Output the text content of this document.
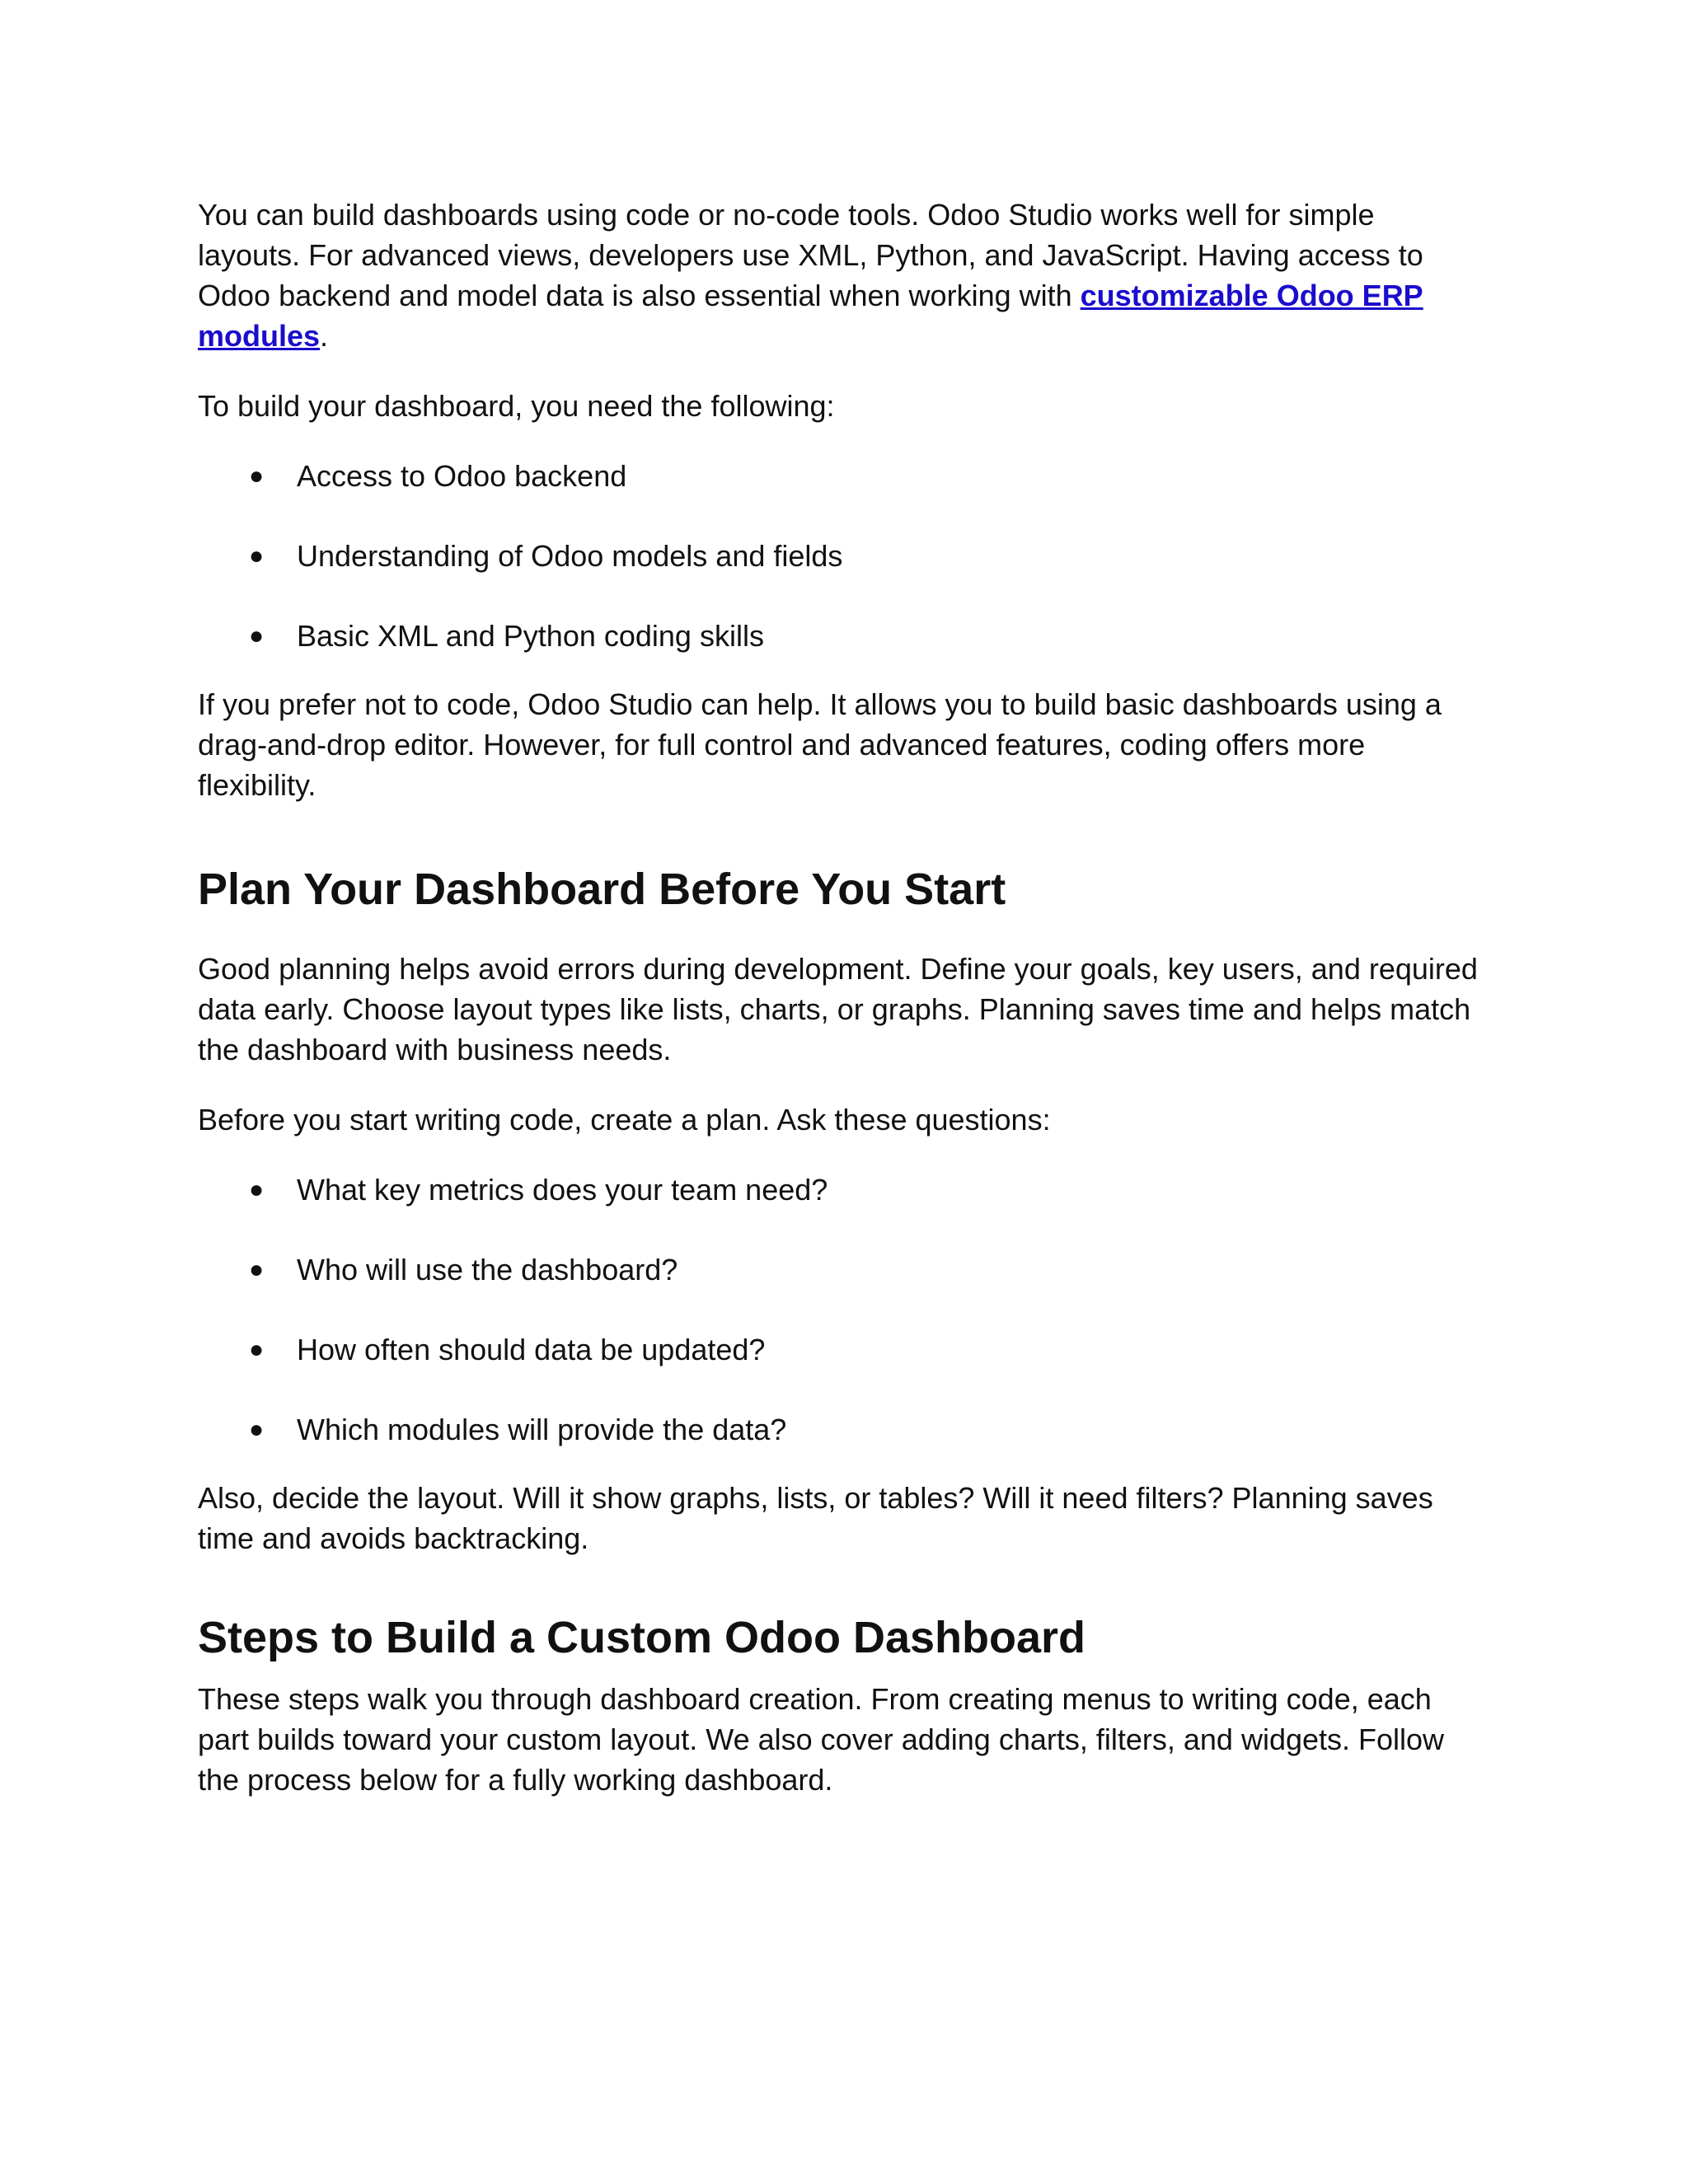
You can build dashboards using code or no-code tools. Odoo Studio works well for simple layouts. For advanced views, developers use XML, Python, and JavaScript. Having access to Odoo backend and model data is also essential when working with customizable Odoo ERP modules.

To build your dashboard, you need the following:

● Access to Odoo backend
● Understanding of Odoo models and fields
● Basic XML and Python coding skills

If you prefer not to code, Odoo Studio can help. It allows you to build basic dashboards using a drag-and-drop editor. However, for full control and advanced features, coding offers more flexibility.

Plan Your Dashboard Before You Start

Good planning helps avoid errors during development. Define your goals, key users, and required data early. Choose layout types like lists, charts, or graphs. Planning saves time and helps match the dashboard with business needs.

Before you start writing code, create a plan. Ask these questions:

● What key metrics does your team need?
● Who will use the dashboard?
● How often should data be updated?
● Which modules will provide the data?

Also, decide the layout. Will it show graphs, lists, or tables? Will it need filters? Planning saves time and avoids backtracking.

Steps to Build a Custom Odoo Dashboard

These steps walk you through dashboard creation. From creating menus to writing code, each part builds toward your custom layout. We also cover adding charts, filters, and widgets. Follow the process below for a fully working dashboard.
